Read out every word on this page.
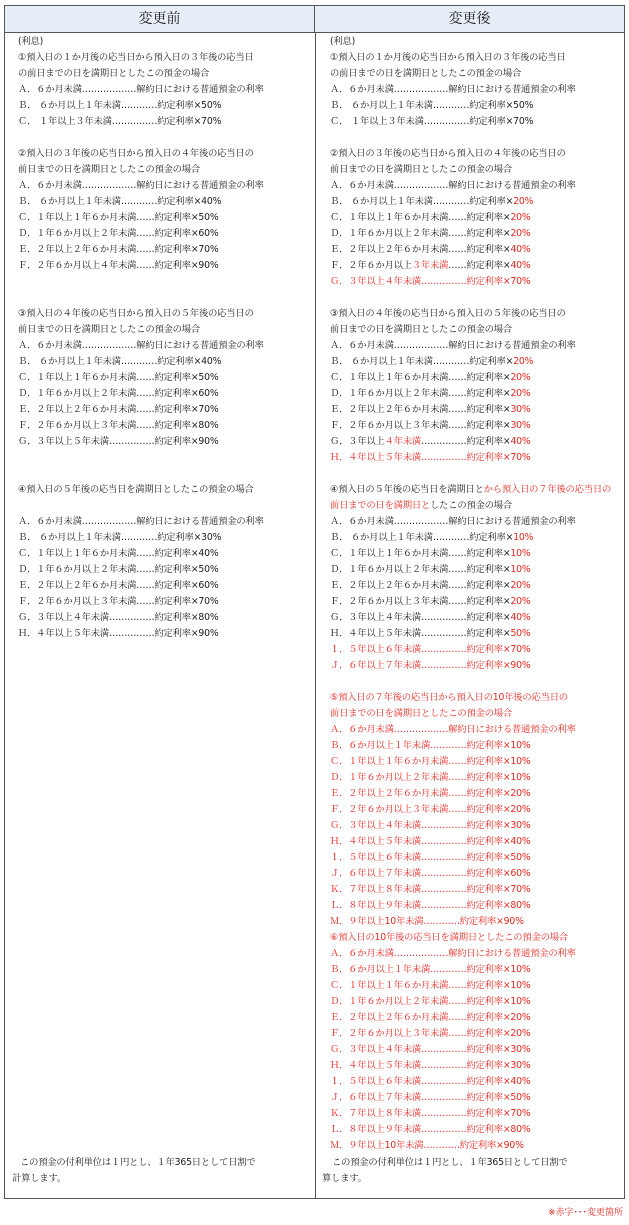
変更前	変更後
(利息)
①預入日の１か月後の応当日から預入日の３年後の応当日
の前日までの日を満期日としたこの預金の場合
Ａ．６か月未満………………解約日における普通預金の利率
Ｂ． ６か月以上１年未満…………約定利率×50%
Ｃ． １年以上３年未満……………約定利率×70%
②預入日の３年後の応当日から預入日の４年後の応当日の
前日までの日を満期日としたこの預金の場合
Ａ．６か月未満………………解約日における普通預金の利率
Ｂ． ６か月以上１年未満…………約定利率×40%
Ｃ．１年以上１年６か月未満……約定利率×50%
Ｄ．１年６か月以上２年未満……約定利率×60%
Ｅ．２年以上２年６か月未満……約定利率×70%
Ｆ．２年６か月以上４年未満……約定利率×90%
③預入日の４年後の応当日から預入日の５年後の応当日の
前日までの日を満期日としたこの預金の場合
Ａ．６か月未満………………解約日における普通預金の利率
Ｂ． ６か月以上１年未満…………約定利率×40%
Ｃ．１年以上１年６か月未満……約定利率×50%
Ｄ．１年６か月以上２年未満……約定利率×60%
Ｅ．２年以上２年６か月未満……約定利率×70%
Ｆ．２年６か月以上３年未満……約定利率×80%
Ｇ．３年以上５年未満……………約定利率×90%
④預入日の５年後の応当日を満期日としたこの預金の場合
Ａ．６か月未満………………解約日における普通預金の利率
Ｂ． ６か月以上１年未満…………約定利率×30%
Ｃ．１年以上１年６か月未満……約定利率×40%
Ｄ．１年６か月以上２年未満……約定利率×50%
Ｅ．２年以上２年６か月未満……約定利率×60%
Ｆ．２年６か月以上３年未満……約定利率×70%
Ｇ．３年以上４年未満……………約定利率×80%
Ｈ．４年以上５年未満……………約定利率×90%
(利息)
①預入日の１か月後の応当日から預入日の３年後の応当日
の前日までの日を満期日としたこの預金の場合
Ａ．６か月未満………………解約日における普通預金の利率
Ｂ． ６か月以上１年未満…………約定利率×50%
Ｃ． １年以上３年未満……………約定利率×70%
②預入日の３年後の応当日から預入日の４年後の応当日の
前日までの日を満期日としたこの預金の場合
Ａ．６か月未満………………解約日における普通預金の利率
Ｂ． ６か月以上１年未満…………約定利率×20%
Ｃ．１年以上１年６か月未満……約定利率×20%
Ｄ．１年６か月以上２年未満……約定利率×20%
Ｅ．２年以上２年６か月未満……約定利率×40%
Ｆ．２年６か月以上３年未満……約定利率×40%
Ｇ．３年以上４年未満……………約定利率×70%
③預入日の４年後の応当日から預入日の５年後の応当日の
前日までの日を満期日としたこの預金の場合
Ａ．６か月未満………………解約日における普通預金の利率
Ｂ． ６か月以上１年未満…………約定利率×20%
Ｃ．１年以上１年６か月未満……約定利率×20%
Ｄ．１年６か月以上２年未満……約定利率×20%
Ｅ．２年以上２年６か月未満……約定利率×30%
Ｆ．２年６か月以上３年未満……約定利率×30%
Ｇ．３年以上４年未満……………約定利率×40%
Ｈ．４年以上５年未満……………約定利率×70%
④預入日の５年後の応当日を満期日とから預入日の７年後の応当日の
前日までの日を満期日としたこの預金の場合
Ａ．６か月未満………………解約日における普通預金の利率
Ｂ． ６か月以上１年未満…………約定利率×10%
Ｃ．１年以上１年６か月未満……約定利率×10%
Ｄ．１年６か月以上２年未満……約定利率×10%
Ｅ．２年以上２年６か月未満……約定利率×20%
Ｆ．２年６か月以上３年未満……約定利率×20%
Ｇ．３年以上４年未満……………約定利率×40%
Ｈ．４年以上５年未満……………約定利率×50%
Ｉ．５年以上６年未満……………約定利率×70%
Ｊ．６年以上７年未満……………約定利率×90%
⑤預入日の７年後の応当日から預入日の10年後の応当日の
前日までの日を満期日としたこの預金の場合
Ａ．６か月未満………………解約日における普通預金の利率
Ｂ．６か月以上１年未満…………約定利率×10%
Ｃ．１年以上１年６か月未満……約定利率×10%
Ｄ．１年６か月以上２年未満……約定利率×10%
Ｅ．２年以上２年６か月未満……約定利率×20%
Ｆ．２年６か月以上３年未満……約定利率×20%
Ｇ．３年以上４年未満……………約定利率×30%
Ｈ．４年以上５年未満……………約定利率×40%
Ｉ．５年以上６年未満……………約定利率×50%
Ｊ．６年以上７年未満……………約定利率×60%
Ｋ．７年以上８年未満……………約定利率×70%
Ｌ．８年以上９年未満……………約定利率×80%
Ｍ．９年以上10年未満…………約定利率×90%
⑥預入日の10年後の応当日を満期日としたこの預金の場合
Ａ．６か月未満………………解約日における普通預金の利率
Ｂ．６か月以上１年未満…………約定利率×10%
Ｃ．１年以上１年６か月未満……約定利率×10%
Ｄ．１年６か月以上２年未満……約定利率×10%
Ｅ．２年以上２年６か月未満……約定利率×20%
Ｆ．２年６か月以上３年未満……約定利率×20%
Ｇ．３年以上４年未満……………約定利率×30%
Ｈ．４年以上５年未満……………約定利率×30%
Ｉ．５年以上６年未満……………約定利率×40%
Ｊ．６年以上７年未満……………約定利率×50%
Ｋ．７年以上８年未満……………約定利率×70%
Ｌ．８年以上９年未満……………約定利率×80%
Ｍ．９年以上10年未満…………約定利率×90%
この預金の付利単位は１円とし、１年365日として日割で
計算します。
この預金の付利単位は１円とし、１年365日として日割で
算します。
※赤字･･･変更箇所
